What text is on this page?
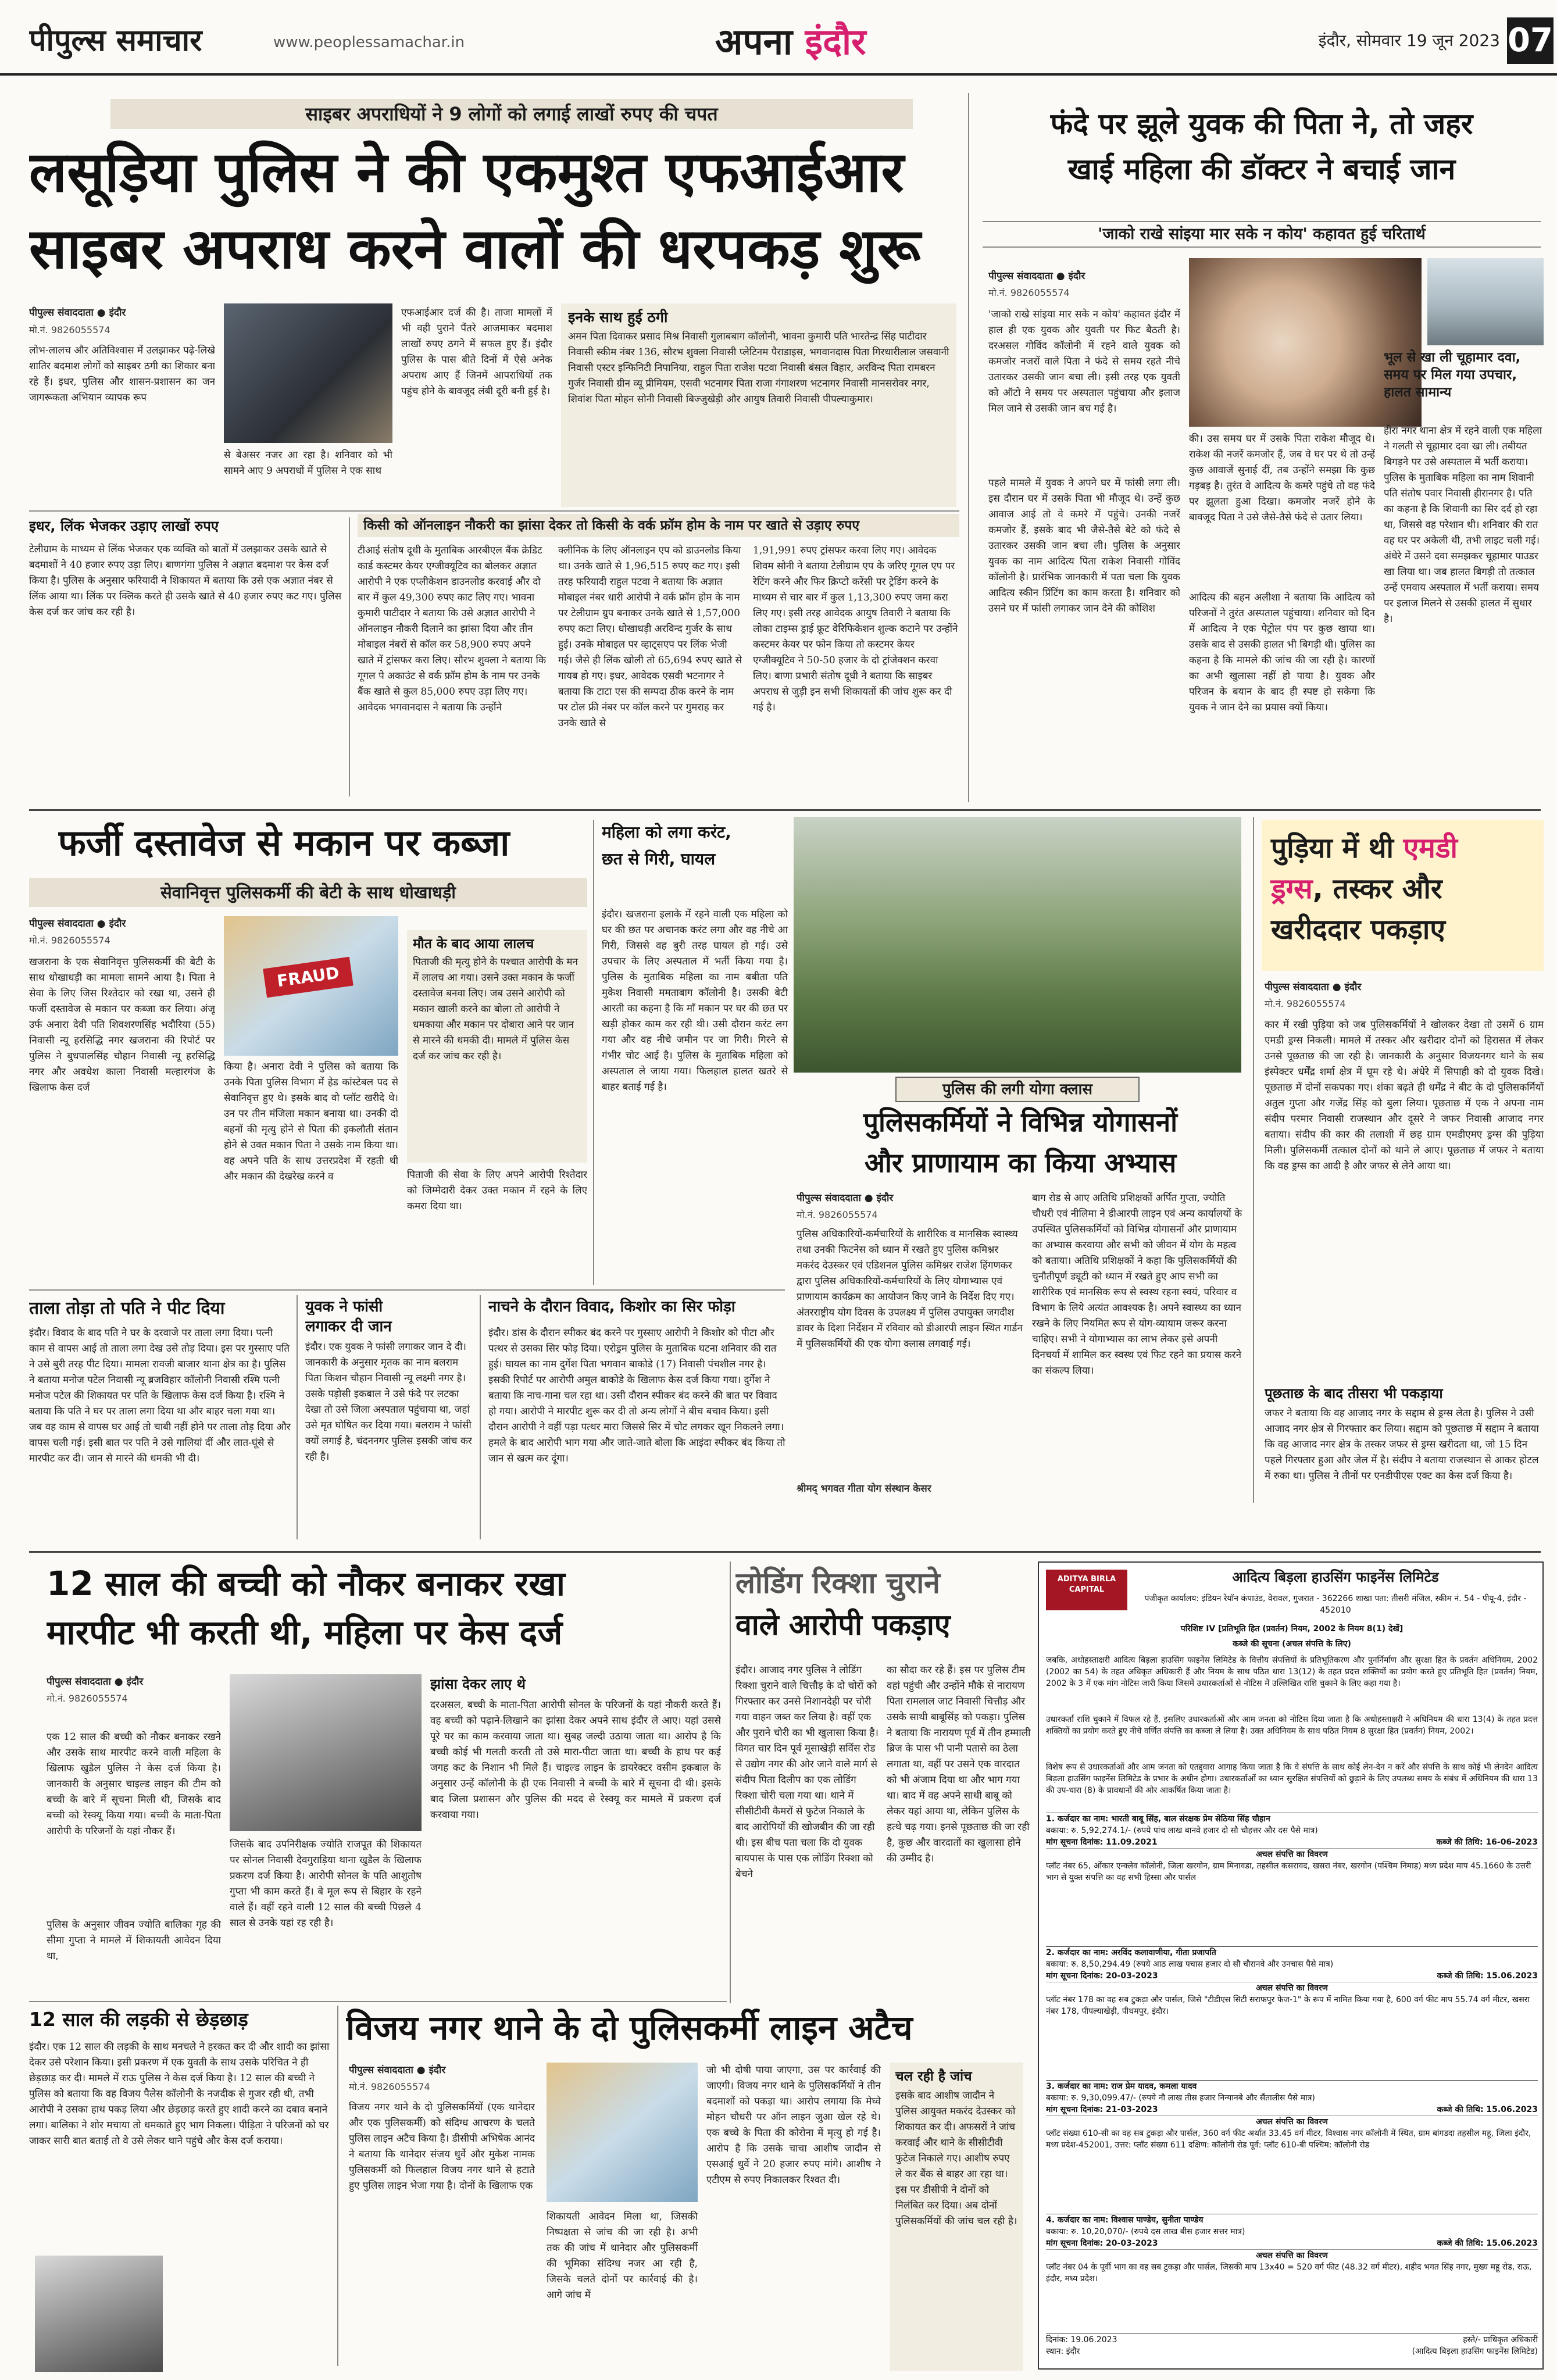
पीपुल्स समाचार	www.peoplessamachar.in	अपना इंदौर	इंदौर, सोमवार 19 जून 2023 07
साइबर अपराधियों ने 9 लोगों को लगाई लाखों रुपए की चपत
लसूड़िया पुलिस ने की एकमुश्त एफआईआर
साइबर अपराध करने वालों की धरपकड़ शुरू
पीपुल्स संवाददाता ● इंदौर
मो.नं. 9826055574
लोभ-लालच और अतिविश्वास में उलझाकर पढ़े-लिखे शातिर बदमाश लोगों को साइबर ठगी का शिकार बना रहे हैं। इधर, पुलिस और शासन-प्रशासन का जन जागरूकता अभियान व्यापक रूप
से बेअसर नजर आ रहा है। शनिवार को भी सामने आए 9 अपराधों में पुलिस ने एक साथ
एफआईआर दर्ज की है। ताजा मामलों में भी वही पुराने पैंतरे आजमाकर बदमाश लाखों रुपए ठगने में सफल हुए हैं। इंदौर पुलिस के पास बीते दिनों में ऐसे अनेक अपराध आए हैं जिनमें आपराधियों तक पहुंच होने के बावजूद लंबी दूरी बनी हुई है।
इनके साथ हुई ठगी
अमन पिता दिवाकर प्रसाद मिश्र निवासी गुलाबबाग कॉलोनी, भावना कुमारी पति भारतेन्द्र सिंह पाटीदार निवासी स्कीम नंबर 136, सौरभ शुक्ला निवासी प्लेटिनम पैराडाइस, भगवानदास पिता गिरधारीलाल जसवानी निवासी एस्टर इन्फिनिटी निपानिया, राहुल पिता राजेश पटवा निवासी बंसल विहार, अरविन्द पिता रामबरन गुर्जर निवासी ग्रीन व्यू प्रीमियम, एसवी भटनागर पिता राजा गंगाशरण भटनागर निवासी मानसरोवर नगर, शिवांश पिता मोहन सोनी निवासी बिज्जुखेड़ी और आयुष तिवारी निवासी पीपल्याकुमार।
इधर, लिंक भेजकर उड़ाए लाखों रुपए
टेलीग्राम के माध्यम से लिंक भेजकर एक व्यक्ति को बातों में उलझाकर उसके खाते से बदमाशों ने 40 हजार रुपए उड़ा लिए। बाणगंगा पुलिस ने अज्ञात बदमाश पर केस दर्ज किया है। पुलिस के अनुसार फरियादी ने शिकायत में बताया कि उसे एक अज्ञात नंबर से लिंक आया था। लिंक पर क्लिक करते ही उसके खाते से 40 हजार रुपए कट गए। पुलिस केस दर्ज कर जांच कर रही है।
किसी को ऑनलाइन नौकरी का झांसा देकर तो किसी के वर्क फ्रॉम होम के नाम पर खाते से उड़ाए रुपए
टीआई संतोष दूधी के मुताबिक आरबीएल बैंक क्रेडिट कार्ड कस्टमर केयर एग्जीक्यूटिव का बोलकर अज्ञात आरोपी ने एक एप्लीकेशन डाउनलोड करवाई और दो बार में कुल 49,300 रुपए काट लिए गए। भावना कुमारी पाटीदार ने बताया कि उसे अज्ञात आरोपी ने ऑनलाइन नौकरी दिलाने का झांसा दिया और तीन मोबाइल नंबरों से कॉल कर 58,900 रुपए अपने खाते में ट्रांसफर करा लिए। सौरभ शुक्ला ने बताया कि गूगल पे अकाउंट से वर्क फ्रॉम होम के नाम पर उनके बैंक खाते से कुल 85,000 रुपए उड़ा लिए गए। आवेदक भगवानदास ने बताया कि उन्होंने
क्लीनिक के लिए ऑनलाइन एप को डाउनलोड किया था। उनके खाते से 1,96,515 रुपए कट गए। इसी तरह फरियादी राहुल पटवा ने बताया कि अज्ञात मोबाइल नंबर धारी आरोपी ने वर्क फ्रॉम होम के नाम पर टेलीग्राम ग्रुप बनाकर उनके खाते से 1,57,000 रुपए कटा लिए। धोखाधड़ी अरविन्द गुर्जर के साथ हुई। उनके मोबाइल पर व्हाट्सएप पर लिंक भेजी गई। जैसे ही लिंक खोली तो 65,694 रुपए खाते से गायब हो गए। इधर, आवेदक एसवी भटनागर ने बताया कि टाटा एस की सम्पदा ठीक करने के नाम पर टोल फ्री नंबर पर कॉल करने पर गुमराह कर उनके खाते से
1,91,991 रुपए ट्रांसफर करवा लिए गए। आवेदक शिवम सोनी ने बताया टेलीग्राम एप के जरिए गूगल एप पर रेटिंग करने और फिर क्रिप्टो करेंसी पर ट्रेडिंग करने के माध्यम से चार बार में कुल 1,13,300 रुपए जमा करा लिए गए। इसी तरह आवेदक आयुष तिवारी ने बताया कि लोका टाइम्स ड्राई फ्रूट वेरिफिकेशन शुल्क कटाने पर उन्होंने कस्टमर केयर पर फोन किया तो कस्टमर केयर एग्जीक्यूटिव ने 50-50 हजार के दो ट्रांजेक्शन करवा लिए। बाणा प्रभारी संतोष दूधी ने बताया कि साइबर अपराध से जुड़ी इन सभी शिकायतों की जांच शुरू कर दी गई है।
फंदे पर झूले युवक की पिता ने, तो जहर
खाई महिला की डॉक्टर ने बचाई जान
'जाको राखे सांइया मार सके न कोय' कहावत हुई चरितार्थ
पीपुल्स संवाददाता ● इंदौर
मो.नं. 9826055574
'जाको राखे सांइया मार सके न कोय' कहावत इंदौर में हाल ही एक युवक और युवती पर फिट बैठती है। दरअसल गोविंद कॉलोनी में रहने वाले युवक को कमजोर नजरों वाले पिता ने फंदे से समय रहते नीचे उतारकर उसकी जान बचा ली। इसी तरह एक युवती को ऑटो ने समय पर अस्पताल पहुंचाया और इलाज मिल जाने से उसकी जान बच गई है।
पहले मामले में युवक ने अपने घर में फांसी लगा ली। इस दौरान घर में उसके पिता भी मौजूद थे। उन्हें कुछ आवाज आई तो वे कमरे में पहुंचे। उनकी नजरें कमजोर हैं, इसके बाद भी जैसे-तैसे बेटे को फंदे से उतारकर उसकी जान बचा ली। पुलिस के अनुसार युवक का नाम आदित्य पिता राकेश निवासी गोविंद कॉलोनी है। प्रारंभिक जानकारी में पता चला कि युवक आदित्य स्कीन प्रिंटिंग का काम करता है। शनिवार को उसने घर में फांसी लगाकर जान देने की कोशिश
की। उस समय घर में उसके पिता राकेश मौजूद थे। राकेश की नजरें कमजोर हैं, जब वे घर पर थे तो उन्हें कुछ आवाजें सुनाई दीं, तब उन्होंने समझा कि कुछ गड़बड़ है। तुरंत वे आदित्य के कमरे पहुंचे तो वह फंदे पर झूलता हुआ दिखा। कमजोर नजरें होने के बावजूद पिता ने उसे जैसे-तैसे फंदे से उतार लिया।
आदित्य की बहन अलीशा ने बताया कि आदित्य को परिजनों ने तुरंत अस्पताल पहुंचाया। शनिवार को दिन में आदित्य ने एक पेट्रोल पंप पर कुछ खाया था। उसके बाद से उसकी हालत भी बिगड़ी थी। पुलिस का कहना है कि मामले की जांच की जा रही है। कारणों का अभी खुलासा नहीं हो पाया है। युवक और परिजन के बयान के बाद ही स्पष्ट हो सकेगा कि युवक ने जान देने का प्रयास क्यों किया।
भूल से खा ली चूहामार दवा, समय पर मिल गया उपचार, हालत सामान्य
हीरा नगर थाना क्षेत्र में रहने वाली एक महिला ने गलती से चूहामार दवा खा ली। तबीयत बिगड़ने पर उसे अस्पताल में भर्ती कराया। पुलिस के मुताबिक महिला का नाम शिवानी पति संतोष पवार निवासी हीरानगर है। पति का कहना है कि शिवानी का सिर दर्द हो रहा था, जिससे वह परेशान थी। शनिवार की रात वह घर पर अकेली थी, तभी लाइट चली गई। अंधेरे में उसने दवा समझकर चूहामार पाउडर खा लिया था। जब हालत बिगड़ी तो तत्काल उन्हें एमवाय अस्पताल में भर्ती कराया। समय पर इलाज मिलने से उसकी हालत में सुधार है।
फर्जी दस्तावेज से मकान पर कब्जा
सेवानिवृत्त पुलिसकर्मी की बेटी के साथ धोखाधड़ी
पीपुल्स संवाददाता ● इंदौर
मो.नं. 9826055574
खजराना के एक सेवानिवृत्त पुलिसकर्मी की बेटी के साथ धोखाधड़ी का मामला सामने आया है। पिता ने सेवा के लिए जिस रिश्तेदार को रखा था, उसने ही फर्जी दस्तावेज से मकान पर कब्जा कर लिया। अंजू उर्फ अनारा देवी पति शिवशरणसिंह भदौरिया (55) निवासी न्यू हरसिद्धि नगर खजराना की रिपोर्ट पर पुलिस ने बुधपालसिंह चौहान निवासी न्यू हरसिद्धि नगर और अवधेश काला निवासी मल्हारगंज के खिलाफ केस दर्ज
FRAUD
किया है। अनारा देवी ने पुलिस को बताया कि उनके पिता पुलिस विभाग में हेड कांस्टेबल पद से सेवानिवृत्त हुए थे। इसके बाद वो प्लॉट खरीदे थे। उन पर तीन मंजिला मकान बनाया था। उनकी दो बहनों की मृत्यु होने से पिता की इकलौती संतान होने से उक्त मकान पिता ने उसके नाम किया था। वह अपने पति के साथ उत्तरप्रदेश में रहती थी और मकान की देखरेख करने व
मौत के बाद आया लालच
पिताजी की मृत्यु होने के पश्चात आरोपी के मन में लालच आ गया। उसने उक्त मकान के फर्जी दस्तावेज बनवा लिए। जब उसने आरोपी को मकान खाली करने का बोला तो आरोपी ने धमकाया और मकान पर दोबारा आने पर जान से मारने की धमकी दी। मामले में पुलिस केस दर्ज कर जांच कर रही है।
पिताजी की सेवा के लिए अपने आरोपी रिश्तेदार को जिम्मेदारी देकर उक्त मकान में रहने के लिए कमरा दिया था।
महिला को लगा करंट,
छत से गिरी, घायल
इंदौर। खजराना इलाके में रहने वाली एक महिला को घर की छत पर अचानक करंट लगा और वह नीचे आ गिरी, जिससे वह बुरी तरह घायल हो गई। उसे उपचार के लिए अस्पताल में भर्ती किया गया है। पुलिस के मुताबिक महिला का नाम बबीता पति मुकेश निवासी ममताबाग कॉलोनी है। उसकी बेटी आरती का कहना है कि माँ मकान पर घर की छत पर खड़ी होकर काम कर रही थी। उसी दौरान करंट लग गया और वह नीचे जमीन पर जा गिरी। गिरने से गंभीर चोट आई है। पुलिस के मुताबिक महिला को अस्पताल ले जाया गया। फिलहाल हालत खतरे से बाहर बताई गई है।	पुलिस की लगी योगा क्लास
पुलिसकर्मियों ने विभिन्न योगासनों
और प्राणायाम का किया अभ्यास
पीपुल्स संवाददाता ● इंदौर
मो.नं. 9826055574
पुलिस अधिकारियों-कर्मचारियों के शारीरिक व मानसिक स्वास्थ्य तथा उनकी फिटनेस को ध्यान में रखते हुए पुलिस कमिश्नर मकरंद देउस्कर एवं एडिशनल पुलिस कमिश्नर राजेश हिंगणकर द्वारा पुलिस अधिकारियों-कर्मचारियों के लिए योगाभ्यास एवं प्राणायाम कार्यक्रम का आयोजन किए जाने के निर्देश दिए गए। अंतरराष्ट्रीय योग दिवस के उपलक्ष्य में पुलिस उपायुक्त जगदीश डावर के दिशा निर्देशन में रविवार को डीआरपी लाइन स्थित गार्डन में पुलिसकर्मियों की एक योगा क्लास लगवाई गई।
बाग रोड से आए अतिथि प्रशिक्षकों अर्पित गुप्ता, ज्योति चौधरी एवं नीलिमा ने डीआरपी लाइन एवं अन्य कार्यालयों के उपस्थित पुलिसकर्मियों को विभिन्न योगासनों और प्राणायाम का अभ्यास करवाया और सभी को जीवन में योग के महत्व को बताया। अतिथि प्रशिक्षकों ने कहा कि पुलिसकर्मियों की चुनौतीपूर्ण ड्यूटी को ध्यान में रखते हुए आप सभी का शारीरिक एवं मानसिक रूप से स्वस्थ रहना स्वयं, परिवार व विभाग के लिये अत्यंत आवश्यक है। अपने स्वास्थ्य का ध्यान रखने के लिए नियमित रूप से योग-व्यायाम जरूर करना चाहिए। सभी ने योगाभ्यास का लाभ लेकर इसे अपनी दिनचर्या में शामिल कर स्वस्थ एवं फिट रहने का प्रयास करने का संकल्प लिया।
श्रीमद् भगवत गीता योग संस्थान केसर
पुड़िया में थी एमडी
ड्रग्स, तस्कर और
खरीददार पकड़ाए
पीपुल्स संवाददाता ● इंदौर
मो.नं. 9826055574
कार में रखी पुड़िया को जब पुलिसकर्मियों ने खोलकर देखा तो उसमें 6 ग्राम एमडी ड्रग्स निकली। मामले में तस्कर और खरीदार दोनों को हिरासत में लेकर उनसे पूछताछ की जा रही है। जानकारी के अनुसार विजयनगर थाने के सब इंस्पेक्टर धर्मेंद्र शर्मा क्षेत्र में घूम रहे थे। अंधेरे में सिपाही को दो युवक दिखे। पूछताछ में दोनों सकपका गए। शंका बढ़ते ही धर्मेंद्र ने बीट के दो पुलिसकर्मियों अतुल गुप्ता और गजेंद्र सिंह को बुला लिया। पूछताछ में एक ने अपना नाम संदीप परमार निवासी राजस्थान और दूसरे ने जफर निवासी आजाद नगर बताया। संदीप की कार की तलाशी में छह ग्राम एमडीएमए ड्रग्स की पुड़िया मिली। पुलिसकर्मी तत्काल दोनों को थाने ले आए। पूछताछ में जफर ने बताया कि वह ड्रग्स का आदी है और जफर से लेने आया था।
पूछताछ के बाद तीसरा भी पकड़ाया
जफर ने बताया कि वह आजाद नगर के सद्दाम से ड्रग्स लेता है। पुलिस ने उसी आजाद नगर क्षेत्र से गिरफ्तार कर लिया। सद्दाम को पूछताछ में सद्दाम ने बताया कि वह आजाद नगर क्षेत्र के तस्कर जफर से ड्रग्स खरीदता था, जो 15 दिन पहले गिरफ्तार हुआ और जेल में है। संदीप ने बताया राजस्थान से आकर होटल में रुका था। पुलिस ने तीनों पर एनडीपीएस एक्ट का केस दर्ज किया है।
ताला तोड़ा तो पति ने पीट दिया
इंदौर। विवाद के बाद पति ने घर के दरवाजे पर ताला लगा दिया। पत्नी काम से वापस आई तो ताला लगा देख उसे तोड़ दिया। इस पर गुस्साए पति ने उसे बुरी तरह पीट दिया। मामला रावजी बाजार थाना क्षेत्र का है। पुलिस ने बताया मनोज पटेल निवासी न्यू ब्रजविहार कॉलोनी निवासी रश्मि पत्नी मनोज पटेल की शिकायत पर पति के खिलाफ केस दर्ज किया है। रश्मि ने बताया कि पति ने घर पर ताला लगा दिया था और बाहर चला गया था। जब वह काम से वापस घर आई तो चाबी नहीं होने पर ताला तोड़ दिया और वापस चली गई। इसी बात पर पति ने उसे गालियां दीं और लात-घूंसे से मारपीट कर दी। जान से मारने की धमकी भी दी।
युवक ने फांसी
लगाकर दी जान
इंदौर। एक युवक ने फांसी लगाकर जान दे दी। जानकारी के अनुसार मृतक का नाम बलराम पिता किशन चौहान निवासी न्यू लक्ष्मी नगर है। उसके पड़ोसी इकबाल ने उसे फंदे पर लटका देखा तो उसे जिला अस्पताल पहुंचाया था, जहां उसे मृत घोषित कर दिया गया। बलराम ने फांसी क्यों लगाई है, चंदननगर पुलिस इसकी जांच कर रही है।
नाचने के दौरान विवाद, किशोर का सिर फोड़ा
इंदौर। डांस के दौरान स्पीकर बंद करने पर गुस्साए आरोपी ने किशोर को पीटा और पत्थर से उसका सिर फोड़ दिया। एरोड्रम पुलिस के मुताबिक घटना शनिवार की रात हुई। घायल का नाम दुर्गेश पिता भगवान बाकोडे (17) निवासी पंचशील नगर है। इसकी रिपोर्ट पर आरोपी अमुल बाकोडे के खिलाफ केस दर्ज किया गया। दुर्गेश ने बताया कि नाच-गाना चल रहा था। उसी दौरान स्पीकर बंद करने की बात पर विवाद हो गया। आरोपी ने मारपीट शुरू कर दी तो अन्य लोगों ने बीच बचाव किया। इसी दौरान आरोपी ने वहीं पड़ा पत्थर मारा जिससे सिर में चोट लगकर खून निकलने लगा। हमले के बाद आरोपी भाग गया और जाते-जाते बोला कि आइंदा स्पीकर बंद किया तो जान से खत्म कर दूंगा।
12 साल की बच्ची को नौकर बनाकर रखा
मारपीट भी करती थी, महिला पर केस दर्ज
पीपुल्स संवाददाता ● इंदौर
मो.नं. 9826055574
एक 12 साल की बच्ची को नौकर बनाकर रखने और उसके साथ मारपीट करने वाली महिला के खिलाफ खुडैल पुलिस ने केस दर्ज किया है। जानकारी के अनुसार चाइल्ड लाइन की टीम को बच्ची के बारे में सूचना मिली थी, जिसके बाद बच्ची को रेस्क्यू किया गया। बच्ची के माता-पिता आरोपी के परिजनों के यहां नौकर हैं।
पुलिस के अनुसार जीवन ज्योति बालिका गृह की सीमा गुप्ता ने मामले में शिकायती आवेदन दिया था,
जिसके बाद उपनिरीक्षक ज्योति राजपूत की शिकायत पर सोनल निवासी देवगुराड़िया थाना खुडैल के खिलाफ प्रकरण दर्ज किया है। आरोपी सोनल के पति आशुतोष गुप्ता भी काम करते हैं। बे मूल रूप से बिहार के रहने वाले हैं। वहीं रहने वाली 12 साल की बच्ची पिछले 4 साल से उनके यहां रह रही है।
झांसा देकर लाए थे
दरअसल, बच्ची के माता-पिता आरोपी सोनल के परिजनों के यहां नौकरी करते हैं। वह बच्ची को पढ़ाने-लिखाने का झांसा देकर अपने साथ इंदौर ले आए। यहां उससे पूरे घर का काम करवाया जाता था। सुबह जल्दी उठाया जाता था। आरोप है कि बच्ची कोई भी गलती करती तो उसे मारा-पीटा जाता था। बच्ची के हाथ पर कई जगह कट के निशान भी मिले हैं। चाइल्ड लाइन के डायरेक्टर वसीम इकबाल के अनुसार उन्हें कॉलोनी के ही एक निवासी ने बच्ची के बारे में सूचना दी थी। इसके बाद जिला प्रशासन और पुलिस की मदद से रेस्क्यू कर मामले में प्रकरण दर्ज करवाया गया।
12 साल की लड़की से छेड़छाड़
इंदौर। एक 12 साल की लड़की के साथ मनचले ने हरकत कर दी और शादी का झांसा देकर उसे परेशान किया। इसी प्रकरण में एक युवती के साथ उसके परिचित ने ही छेड़छाड़ कर दी। मामले में राऊ पुलिस ने केस दर्ज किया है। 12 साल की बच्ची ने पुलिस को बताया कि वह विजय पैलेस कॉलोनी के नजदीक से गुजर रही थी, तभी आरोपी ने उसका हाथ पकड़ लिया और छेड़छाड़ करते हुए शादी करने का दबाव बनाने लगा। बालिका ने शोर मचाया तो धमकाते हुए भाग निकला। पीड़िता ने परिजनों को घर जाकर सारी बात बताई तो वे उसे लेकर थाने पहुंचे और केस दर्ज कराया।
विजय नगर थाने के दो पुलिसकर्मी लाइन अटैच
पीपुल्स संवाददाता ● इंदौर
मो.नं. 9826055574
विजय नगर थाने के दो पुलिसकर्मियों (एक थानेदार और एक पुलिसकर्मी) को संदिग्ध आचरण के चलते पुलिस लाइन अटैच किया है। डीसीपी अभिषेक आनंद ने बताया कि थानेदार संजय धुर्वे और मुकेश नामक पुलिसकर्मी को फिलहाल विजय नगर थाने से हटाते हुए पुलिस लाइन भेजा गया है। दोनों के खिलाफ एक
शिकायती आवेदन मिला था, जिसकी निष्पक्षता से जांच की जा रही है। अभी तक की जांच में थानेदार और पुलिसकर्मी की भूमिका संदिग्ध नजर आ रही है, जिसके चलते दोनों पर कार्रवाई की है। आगे जांच में
जो भी दोषी पाया जाएगा, उस पर कार्रवाई की जाएगी। विजय नगर थाने के पुलिसकर्मियों ने तीन बदमाशों को पकड़ा था। आरोप लगाया कि मेघ्वे मोहन चौधरी पर ऑन लाइन जुआ खेल रहे थे। एक बच्चे के पिता की कोरोना में मृत्यु हो गई है। आरोप है कि उसके चाचा आशीष जादौन से एसआई धुर्वे ने 20 हजार रुपए मांगे। आशीष ने एटीएम से रुपए निकालकर रिश्वत दी।
चल रही है जांच
इसके बाद आशीष जादौन ने पुलिस आयुक्त मकरंद देउस्कर को शिकायत कर दी। अफसरों ने जांच करवाई और थाने के सीसीटीवी फुटेज निकाले गए। आशीष रुपए ले कर बैंक से बाहर आ रहा था। इस पर डीसीपी ने दोनों को निलंबित कर दिया। अब दोनों पुलिसकर्मियों की जांच चल रही है।
लोडिंग रिक्शा चुराने
वाले आरोपी पकड़ाए
इंदौर। आजाद नगर पुलिस ने लोडिंग रिक्शा चुराने वाले चित्तौड़ के दो चोरों को गिरफ्तार कर उनसे निशानदेही पर चोरी गया वाहन जब्त कर लिया है। वहीं एक और पुराने चोरी का भी खुलासा किया है। विगत चार दिन पूर्व मूसाखेड़ी सर्विस रोड से उद्योग नगर की ओर जाने वाले मार्ग से संदीप पिता दिलीप का एक लोडिंग रिक्शा चोरी चला गया था। थाने में सीसीटीवी कैमरों से फुटेज निकाले के बाद आरोपियों की खोजबीन की जा रही थी। इस बीच पता चला कि दो युवक बायपास के पास एक लोडिंग रिक्शा को बेचने
का सौदा कर रहे हैं। इस पर पुलिस टीम वहां पहुंची और उन्होंने मौके से नारायण पिता रामलाल जाट निवासी चित्तौड़ और उसके साथी बाबूसिंह को पकड़ा। पुलिस ने बताया कि नारायण पूर्व में तीन हम्माली ब्रिज के पास भी पानी पतासे का ठेला लगाता था, वहीं पर उसने एक वारदात को भी अंजाम दिया था और भाग गया था। बाद में वह अपने साथी बाबू को लेकर यहां आया था, लेकिन पुलिस के हत्थे चढ़ गया। इनसे पूछताछ की जा रही है, कुछ और वारदातों का खुलासा होने की उम्मीद है।
ADITYA BIRLA CAPITAL
आदित्य बिड़ला हाउसिंग फाइनेंस लिमिटेड
पंजीकृत कार्यालय: इंडियन रेयॉन कंपाउंड, वेरावल, गुजरात - 362266 शाखा पता: तीसरी मंजिल, स्कीम नं. 54 - पीयू-4, इंदौर - 452010
परिशिष्ट IV [प्रतिभूति हित (प्रवर्तन) नियम, 2002 के नियम 8(1) देखें]
कब्जे की सूचना (अचल संपत्ति के लिए)
जबकि, अधोहस्ताक्षरी आदित्य बिड़ला हाउसिंग फाइनेंस लिमिटेड के वित्तीय संपत्तियों के प्रतिभूतिकरण और पुनर्निर्माण और सुरक्षा हित के प्रवर्तन अधिनियम, 2002 (2002 का 54) के तहत अधिकृत अधिकारी हैं और नियम के साथ पठित धारा 13(12) के तहत प्रदत्त शक्तियों का प्रयोग करते हुए प्रतिभूति हित (प्रवर्तन) नियम, 2002 के 3 में एक मांग नोटिस जारी किया जिसमें उधारकर्ताओं से नोटिस में उल्लिखित राशि चुकाने के लिए कहा गया है।
उधारकर्ता राशि चुकाने में विफल रहे हैं, इसलिए उधारकर्ताओं और आम जनता को नोटिस दिया जाता है कि अधोहस्ताक्षरी ने अधिनियम की धारा 13(4) के तहत प्रदत्त शक्तियों का प्रयोग करते हुए नीचे वर्णित संपत्ति का कब्जा ले लिया है। उक्त अधिनियम के साथ पठित नियम 8 सुरक्षा हित (प्रवर्तन) नियम, 2002।
विशेष रूप से उधारकर्ताओं और आम जनता को एतद्द्वारा आगाह किया जाता है कि वे संपत्ति के साथ कोई लेन-देन न करें और संपत्ति के साथ कोई भी लेनदेन आदित्य बिड़ला हाउसिंग फाइनेंस लिमिटेड के प्रभार के अधीन होगा। उधारकर्ताओं का ध्यान सुरक्षित संपत्तियों को छुड़ाने के लिए उपलब्ध समय के संबंध में अधिनियम की धारा 13 की उप-धारा (8) के प्रावधानों की ओर आकर्षित किया जाता है।
1. कर्जदार का नाम: भारती बाबू सिंह, बाल संरक्षक प्रेम सेठिया सिंह चौहान
बकाया: रु. 5,92,274.1/- (रुपये पांच लाख बानवे हजार दो सौ चौहत्तर और दस पैसे मात्र)
मांग सूचना दिनांक: 11.09.2021	कब्जे की तिथि: 16-06-2023
अचल संपत्ति का विवरण
प्लॉट नंबर 65, ओंकार एन्क्लेव कॉलोनी, जिला खरगोन, ग्राम मिनावडा, तहसील कसरावद, खसरा नंबर, खरगोन (पश्चिम निमाड़) मध्य प्रदेश माप 45.1660 के उत्तरी भाग से युक्त संपत्ति का वह सभी हिस्सा और पार्सल
2. कर्जदार का नाम: अरविंद कलावाणीया, गीता प्रजापति
बकाया: रु. 8,50,294.49 (रुपये आठ लाख पचास हजार दो सौ चौरानवे और उनचास पैसे मात्र)
मांग सूचना दिनांक: 20-03-2023	कब्जे की तिथि: 15.06.2023
अचल संपत्ति का विवरण
प्लॉट नंबर 178 का वह सब टुकड़ा और पार्सल, जिसे "टीडीएस सिटी सराफपुर फेज-1" के रूप में नामित किया गया है, 600 वर्ग फीट माप 55.74 वर्ग मीटर, खसरा नंबर 178, पीपल्याखेड़ी, पीथमपुर, इंदौर।
3. कर्जदार का नाम: राज प्रेम यादव, कमला यादव
बकाया: रु. 9,30,099.47/- (रुपये नौ लाख तीस हजार निन्यानबे और सैंतालीस पैसे मात्र)
मांग सूचना दिनांक: 21-03-2023	कब्जे की तिथि: 15.06.2023
अचल संपत्ति का विवरण
प्लॉट संख्या 610-सी का वह सब टुकड़ा और पार्सल, 360 वर्ग फीट अर्थात 33.45 वर्ग मीटर, विश्वास नगर कॉलोनी में स्थित, ग्राम बांगडदा तहसील महू, जिला इंदौर, मध्य प्रदेश-452001, उत्तर: प्लॉट संख्या 611 दक्षिण: कॉलोनी रोड पूर्व: प्लॉट 610-बी पश्चिम: कॉलोनी रोड
4. कर्जदार का नाम: विश्वास पाण्डेय, सुनीता पाण्डेय
बकाया: रु. 10,20,070/- (रुपये दस लाख बीस हजार सत्तर मात्र)
मांग सूचना दिनांक: 20-03-2023	कब्जे की तिथि: 15.06.2023
अचल संपत्ति का विवरण
प्लॉट नंबर 04 के पूर्वी भाग का वह सब टुकड़ा और पार्सल, जिसकी माप 13x40 = 520 वर्ग फीट (48.32 वर्ग मीटर), शहीद भगत सिंह नगर, मुख्य महू रोड, राऊ, इंदौर, मध्य प्रदेश।
दिनांक: 19.06.2023	हस्ते/- प्राधिकृत अधिकारी
स्थान: इंदौर	(आदित्य बिड़ला हाउसिंग फाइनेंस लिमिटेड)
